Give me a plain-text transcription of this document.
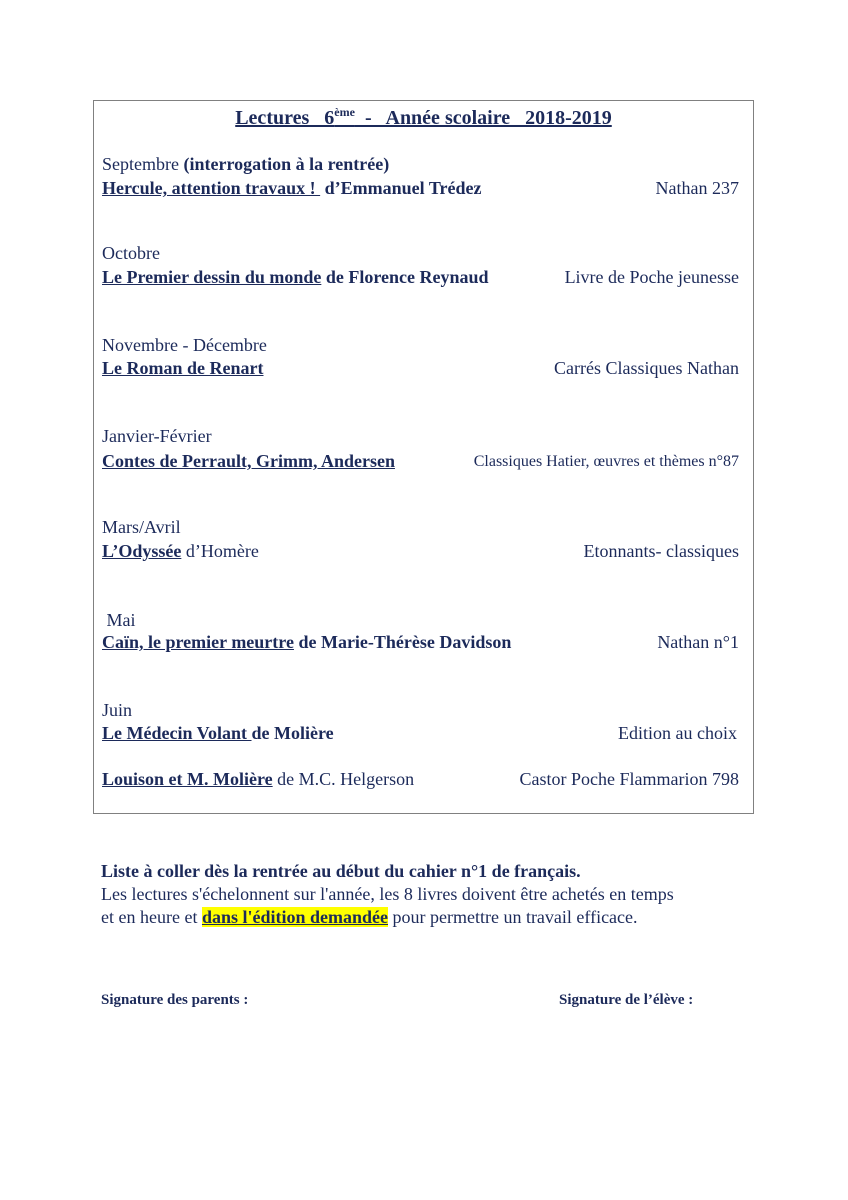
Lectures   6ème  -   Année scolaire   2018-2019
Septembre (interrogation à la rentrée)
Hercule, attention travaux !  d’Emmanuel Trédez	Nathan 237
Octobre
Le Premier dessin du monde de Florence Reynaud	Livre de Poche jeunesse
Novembre - Décembre
Le Roman de Renart	Carrés Classiques Nathan
Janvier-Février
Contes de Perrault, Grimm, Andersen	Classiques Hatier, œuvres et thèmes n°87
Mars/Avril
L’Odyssée d’Homère	Etonnants- classiques
Mai
Caïn, le premier meurtre de Marie-Thérèse Davidson	Nathan n°1
Juin
Le Médecin Volant de Molière	Edition au choix
Louison et M. Molière de M.C. Helgerson	Castor Poche Flammarion 798
Liste à coller dès la rentrée au début du cahier n°1 de français.
Les lectures s'échelonnent sur l'année, les 8 livres doivent être achetés en temps
et en heure et dans l'édition demandée pour permettre un travail efficace.
Signature des parents :	Signature de l’élève :
